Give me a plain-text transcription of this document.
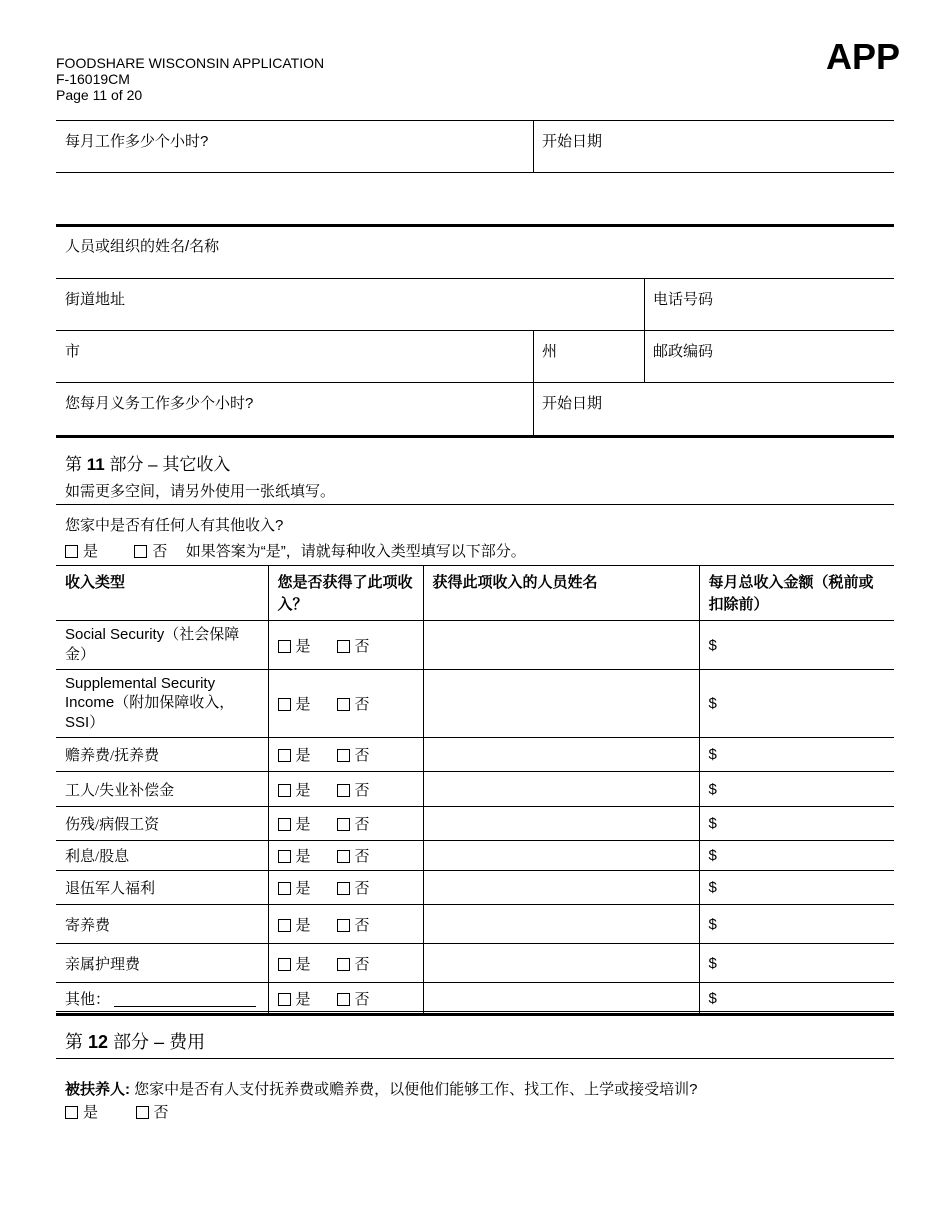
FOODSHARE WISCONSIN APPLICATION
F-16019CM
Page 11 of 20
APP
每月工作多少个小时?	开始日期
人员或组织的姓名/名称
街道地址	电话号码
市	州	邮政编码
您每月义务工作多少个小时?	开始日期
第 11 部分 – 其它收入
如需更多空间，请另外使用一张纸填写。
您家中是否有任何人有其他收入?
是	否 如果答案为“是”，请就每种收入类型填写以下部分。
收入类型	您是否获得了此项收入？	获得此项收入的人员姓名	每月总收入金额（税前或扣除前）
Social Security（社会保障金）	是 否		$
Supplemental Security Income（附加保障收入，SSI）	是 否		$
赡养费/抚养费	是 否		$
工人/失业补偿金	是 否		$
伤残/病假工资	是 否		$
利息/股息	是 否		$
退伍军人福利	是 否		$
寄养费	是 否		$
亲属护理费	是 否		$
其他：	是 否		$
第 12 部分 – 费用
被扶养人: 您家中是否有人支付抚养费或赡养费，以便他们能够工作、找工作、上学或接受培训?
是	否
